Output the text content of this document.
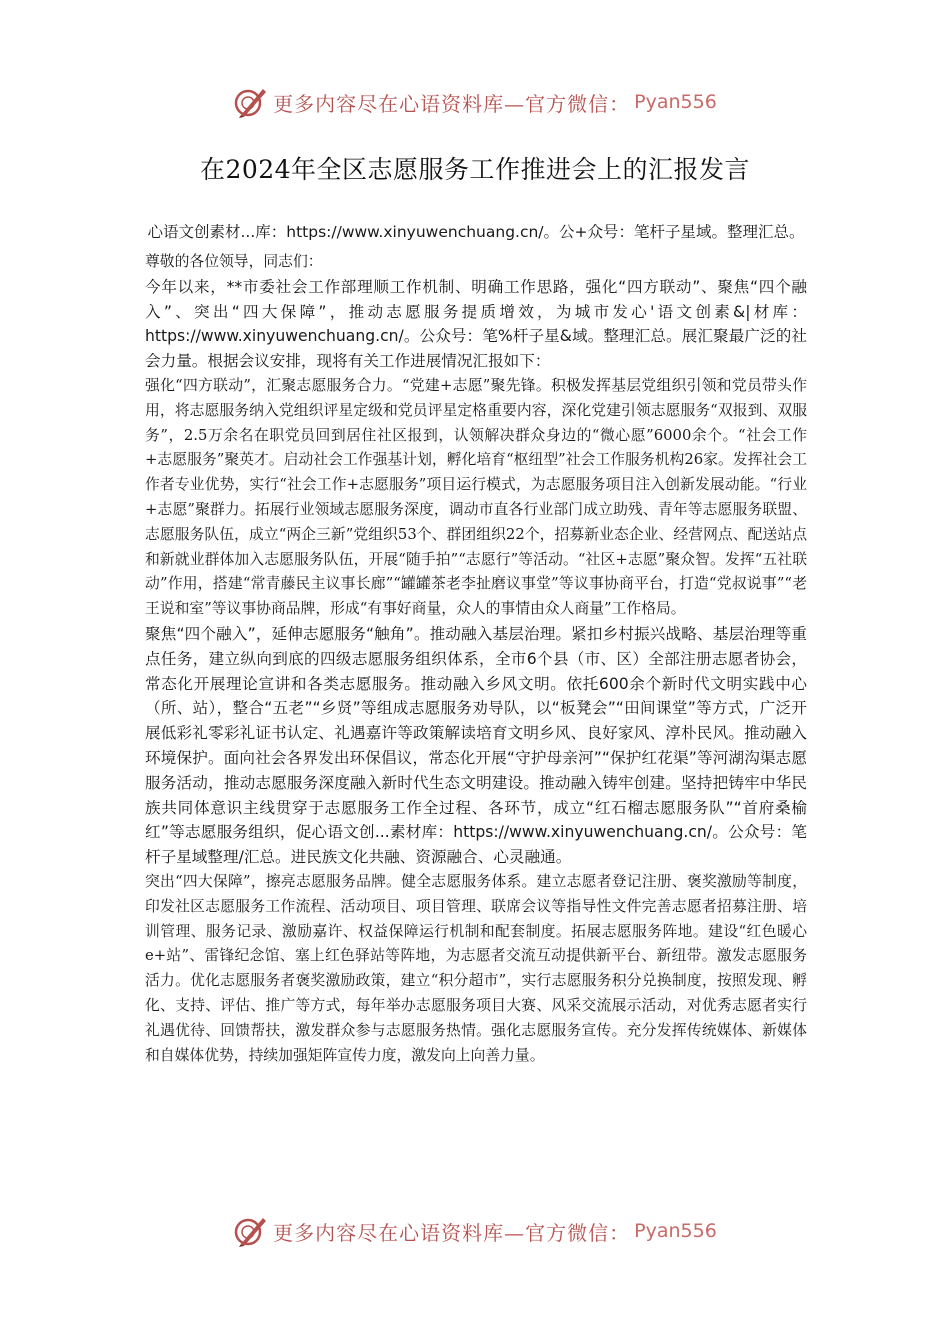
更多内容尽在心语资料库—官方微信： Pyan556
在2024年全区志愿服务工作推进会上的汇报发言

心语文创素材...库：https://www.xinyuwenchuang.cn/。公+众号：笔杆子星域。整理汇总。

尊敬的各位领导，同志们：

今年以来，**市委社会工作部理顺工作机制、明确工作思路，强化“四方联动”、聚焦“四个融入”、突出“四大保障”，推动志愿服务提质增效，为城市发心'语文创素&|材库：https://www.xinyuwenchuang.cn/。公众号：笔%杆子星&域。整理汇总。展汇聚最广泛的社会力量。根据会议安排，现将有关工作进展情况汇报如下：

强化“四方联动”，汇聚志愿服务合力。“党建+志愿”聚先锋。积极发挥基层党组织引领和党员带头作用，将志愿服务纳入党组织评星定级和党员评星定格重要内容，深化党建引领志愿服务“双报到、双服务”，2.5万余名在职党员回到居住社区报到，认领解决群众身边的“微心愿”6000余个。“社会工作+志愿服务”聚英才。启动社会工作强基计划，孵化培育“枢纽型”社会工作服务机构26家。发挥社会工作者专业优势，实行“社会工作+志愿服务”项目运行模式，为志愿服务项目注入创新发展动能。“行业+志愿”聚群力。拓展行业领域志愿服务深度，调动市直各行业部门成立助残、青年等志愿服务联盟、志愿服务队伍，成立“两企三新”党组织53个、群团组织22个，招募新业态企业、经营网点、配送站点和新就业群体加入志愿服务队伍，开展“随手拍”“志愿行”等活动。“社区+志愿”聚众智。发挥“五社联动”作用，搭建“常青藤民主议事长廊”“罐罐茶老李扯磨议事堂”等议事协商平台，打造“党叔说事”“老王说和室”等议事协商品牌，形成“有事好商量，众人的事情由众人商量”工作格局。

聚焦“四个融入”，延伸志愿服务“触角”。推动融入基层治理。紧扣乡村振兴战略、基层治理等重点任务，建立纵向到底的四级志愿服务组织体系，全市6个县（市、区）全部注册志愿者协会，常态化开展理论宣讲和各类志愿服务。推动融入乡风文明。依托600余个新时代文明实践中心（所、站），整合“五老”“乡贤”等组成志愿服务劝导队，以“板凳会”“田间课堂”等方式，广泛开展低彩礼零彩礼证书认定、礼遇嘉许等政策解读培育文明乡风、良好家风、淳朴民风。推动融入环境保护。面向社会各界发出环保倡议，常态化开展“守护母亲河”“保护红花渠”等河湖沟渠志愿服务活动，推动志愿服务深度融入新时代生态文明建设。推动融入铸牢创建。坚持把铸牢中华民族共同体意识主线贯穿于志愿服务工作全过程、各环节，成立“红石榴志愿服务队”“首府桑榆红”等志愿服务组织，促心语文创...素材库：https://www.xinyuwenchuang.cn/。公众号：笔杆子星域整理/汇总。进民族文化共融、资源融合、心灵融通。

突出“四大保障”，擦亮志愿服务品牌。健全志愿服务体系。建立志愿者登记注册、褒奖激励等制度，印发社区志愿服务工作流程、活动项目、项目管理、联席会议等指导性文件完善志愿者招募注册、培训管理、服务记录、激励嘉许、权益保障运行机制和配套制度。拓展志愿服务阵地。建设“红色暖心e+站”、雷锋纪念馆、塞上红色驿站等阵地，为志愿者交流互动提供新平台、新纽带。激发志愿服务活力。优化志愿服务者褒奖激励政策，建立“积分超市”，实行志愿服务积分兑换制度，按照发现、孵化、支持、评估、推广等方式，每年举办志愿服务项目大赛、风采交流展示活动，对优秀志愿者实行礼遇优待、回馈帮扶，激发群众参与志愿服务热情。强化志愿服务宣传。充分发挥传统媒体、新媒体和自媒体优势，持续加强矩阵宣传力度，激发向上向善力量。

更多内容尽在心语资料库—官方微信： Pyan556
